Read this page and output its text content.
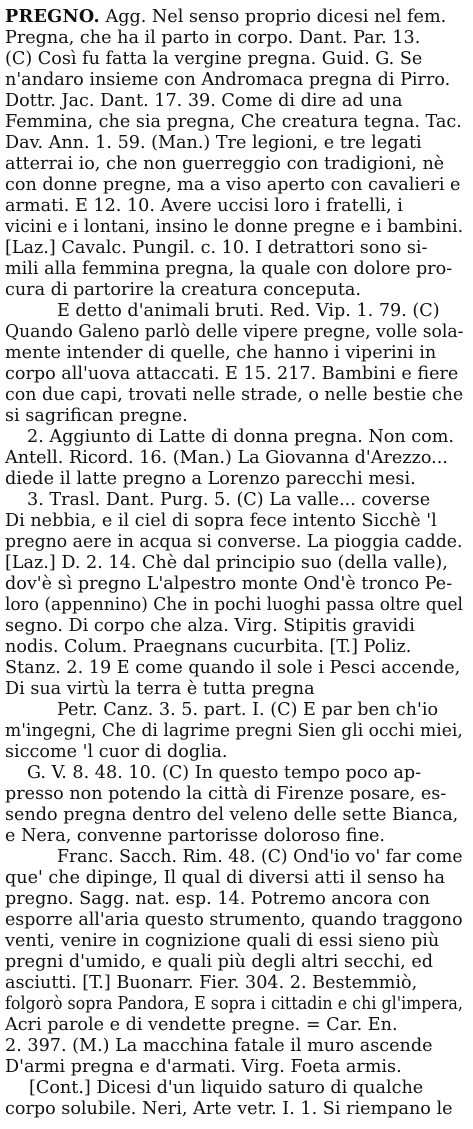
PREGNO. Agg. Nel senso proprio dicesi nel fem.
Pregna, che ha il parto in corpo. Dant. Par. 13.
(C) Così fu fatta la vergine pregna. Guid. G. Se
n'andaro insieme con Andromaca pregna di Pirro.
Dottr. Jac. Dant. 17. 39. Come di dire ad una
Femmina, che sia pregna, Che creatura tegna. Tac.
Dav. Ann. 1. 59. (Man.) Tre legioni, e tre legati
atterrai io, che non guerreggio con tradigioni, nè
con donne pregne, ma a viso aperto con cavalieri e
armati. E 12. 10. Avere uccisi loro i fratelli, i
vicini e i lontani, insino le donne pregne e i bambini.
[Laz.] Cavalc. Pungil. c. 10. I detrattori sono si-
mili alla femmina pregna, la quale con dolore pro-
cura di partorire la creatura conceputa.
E detto d'animali bruti. Red. Vip. 1. 79. (C)
Quando Galeno parlò delle vipere pregne, volle sola-
mente intender di quelle, che hanno i viperini in
corpo all'uova attaccati. E 15. 217. Bambini e fiere
con due capi, trovati nelle strade, o nelle bestie che
si sagrifican pregne.
2. Aggiunto di Latte di donna pregna. Non com.
Antell. Ricord. 16. (Man.) La Giovanna d'Arezzo...
diede il latte pregno a Lorenzo parecchi mesi.
3. Trasl. Dant. Purg. 5. (C) La valle... coverse
Di nebbia, e il ciel di sopra fece intento Sicchè 'l
pregno aere in acqua si converse. La pioggia cadde.
[Laz.] D. 2. 14. Chè dal principio suo (della valle),
dov'è sì pregno L'alpestro monte Ond'è tronco Pe-
loro (appennino) Che in pochi luoghi passa oltre quel
segno. Di corpo che alza. Virg. Stipitis gravidi
nodis. Colum. Praegnans cucurbita. [T.] Poliz.
Stanz. 2. 19 E come quando il sole i Pesci accende,
Di sua virtù la terra è tutta pregna
Petr. Canz. 3. 5. part. I. (C) E par ben ch'io
m'ingegni, Che di lagrime pregni Sien gli occhi miei,
siccome 'l cuor di doglia.
G. V. 8. 48. 10. (C) In questo tempo poco ap-
presso non potendo la città di Firenze posare, es-
sendo pregna dentro del veleno delle sette Bianca,
e Nera, convenne partorisse doloroso fine.
Franc. Sacch. Rim. 48. (C) Ond'io vo' far come
que' che dipinge, Il qual di diversi atti il senso ha
pregno. Sagg. nat. esp. 14. Potremo ancora con
esporre all'aria questo strumento, quando traggono
venti, venire in cognizione quali di essi sieno più
pregni d'umido, e quali più degli altri secchi, ed
asciutti. [T.] Buonarr. Fier. 304. 2. Bestemmiò,
folgorò sopra Pandora, E sopra i cittadin e chi gl'impera,
Acri parole e di vendette pregne. = Car. En.
2. 397. (M.) La macchina fatale il muro ascende
D'armi pregna e d'armati. Virg. Foeta armis.
[Cont.] Dicesi d'un liquido saturo di qualche
corpo solubile. Neri, Arte vetr. I. 1. Si riempano le
